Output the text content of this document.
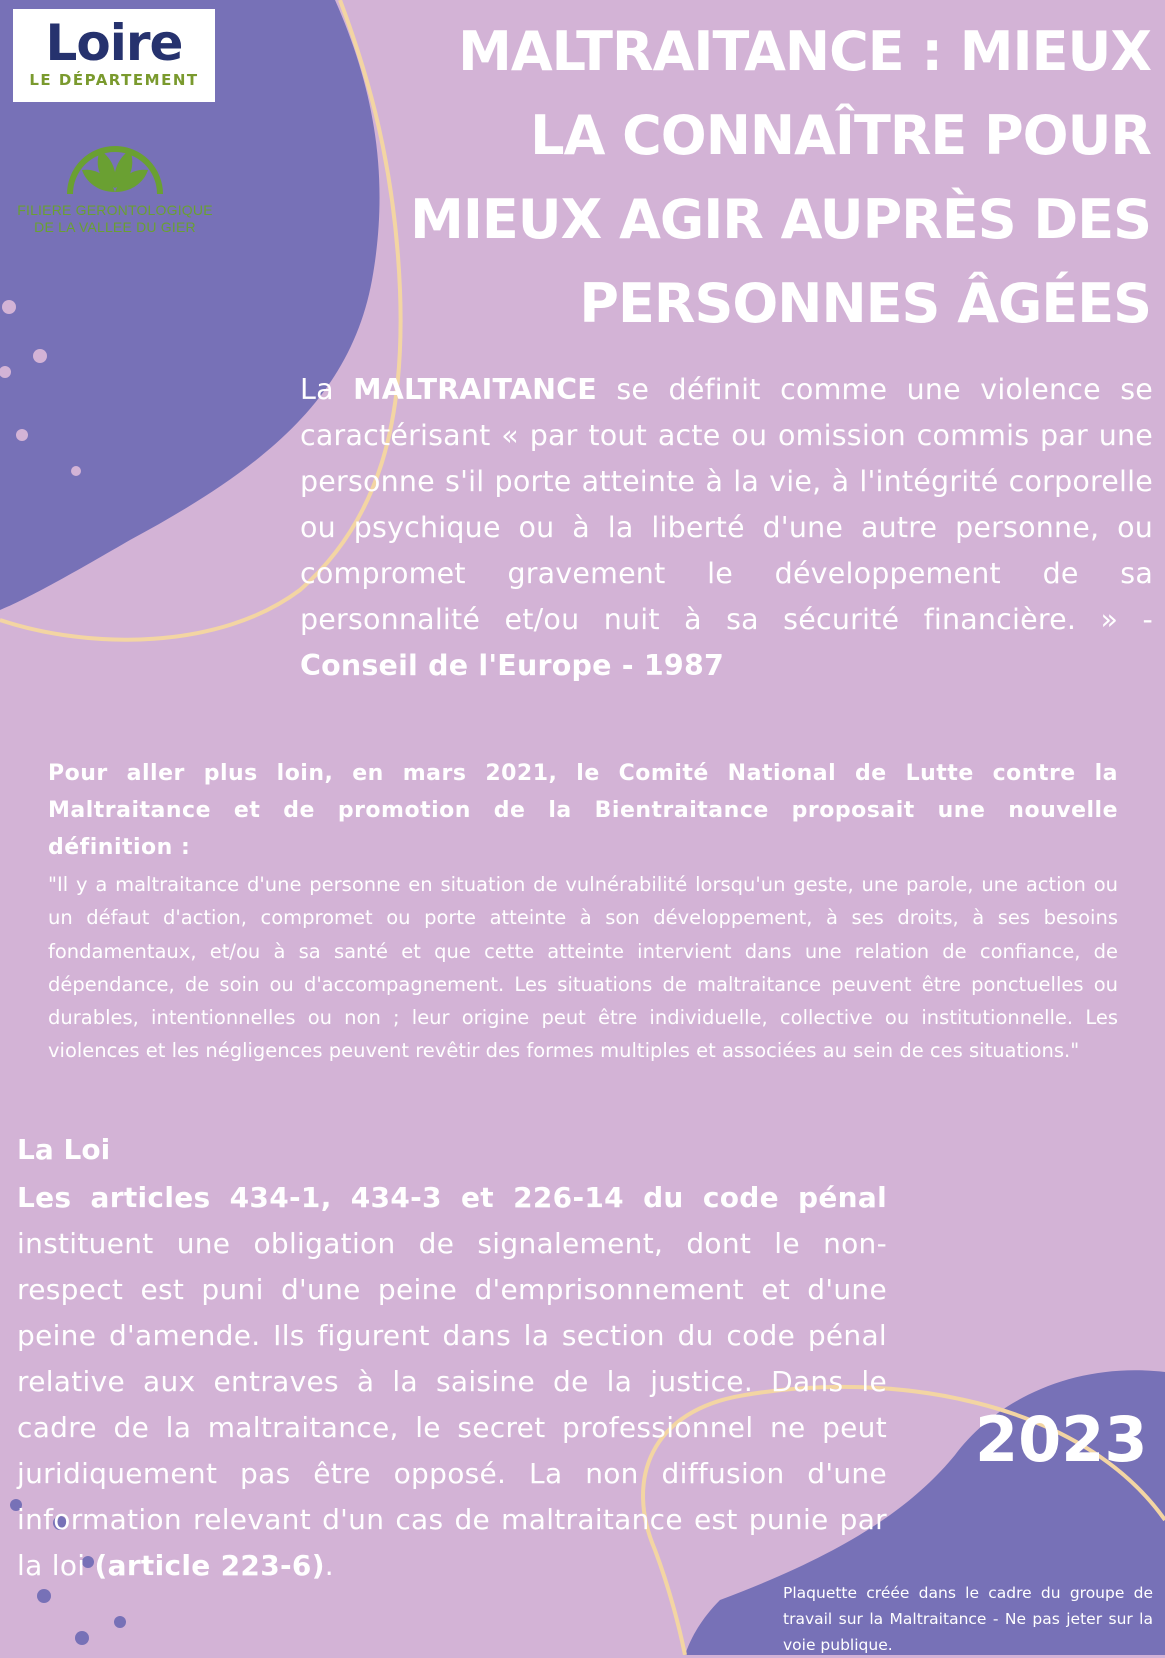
Loire
LE DÉPARTEMENT
FILIERE GERONTOLOGIQUE
DE LA VALLEE DU GIER
MALTRAITANCE : MIEUX
LA CONNAÎTRE POUR
MIEUX AGIR AUPRÈS DES
PERSONNES ÂGÉES

La MALTRAITANCE se définit comme une violence se caractérisant « par tout acte ou omission commis par une personne s'il porte atteinte à la vie, à l'intégrité corporelle ou psychique ou à la liberté d'une autre personne, ou compromet gravement le développement de sa personnalité et/ou nuit à sa sécurité financière. » - Conseil de l'Europe - 1987

Pour aller plus loin, en mars 2021, le Comité National de Lutte contre la Maltraitance et de promotion de la Bientraitance proposait une nouvelle définition :

"Il y a maltraitance d'une personne en situation de vulnérabilité lorsqu'un geste, une parole, une action ou un défaut d'action, compromet ou porte atteinte à son développement, à ses droits, à ses besoins fondamentaux, et/ou à sa santé et que cette atteinte intervient dans une relation de confiance, de dépendance, de soin ou d'accompagnement. Les situations de maltraitance peuvent être ponctuelles ou durables, intentionnelles ou non ; leur origine peut être individuelle, collective ou institutionnelle. Les violences et les négligences peuvent revêtir des formes multiples et associées au sein de ces situations."

La Loi

Les articles 434-1, 434-3 et 226-14 du code pénal instituent une obligation de signalement, dont le non-respect est puni d'une peine d'emprisonnement et d'une peine d'amende. Ils figurent dans la section du code pénal relative aux entraves à la saisine de la justice. Dans le cadre de la maltraitance, le secret professionnel ne peut juridiquement pas être opposé. La non diffusion d'une information relevant d'un cas de maltraitance est punie par la loi (article 223-6).

2023

Plaquette créée dans le cadre du groupe de travail sur la Maltraitance - Ne pas jeter sur la voie publique.
